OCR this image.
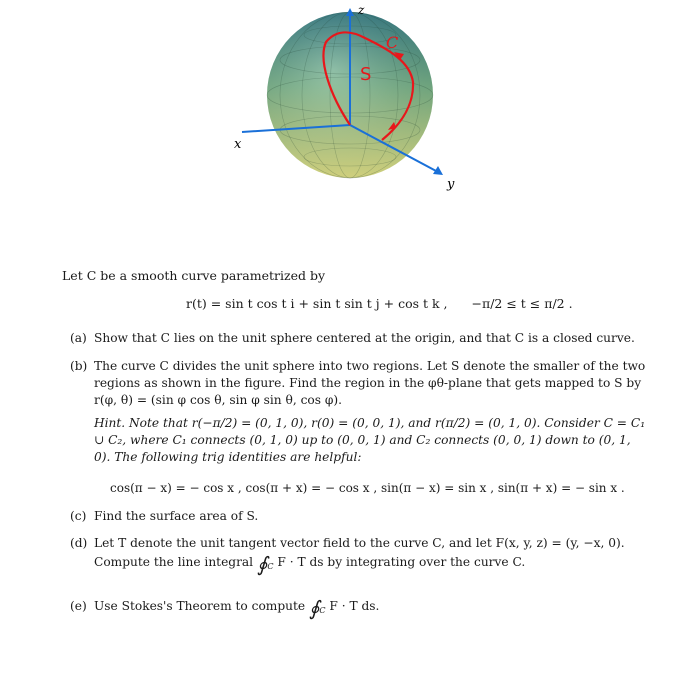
z
y
x
C
S
Let C be a smooth curve parametrized by
r(t) = sin t cos t i + sin t sin t j + cos t k , −π/2 ≤ t ≤ π/2 .
(a) Show that C lies on the unit sphere centered at the origin, and that C is a closed curve.
(b) The curve C divides the unit sphere into two regions. Let S denote the smaller of the two regions as shown in the figure. Find the region in the φθ-plane that gets mapped to S by r(φ, θ) = (sin φ cos θ, sin φ sin θ, cos φ).
Hint. Note that r(−π/2) = (0, 1, 0), r(0) = (0, 0, 1), and r(π/2) = (0, 1, 0). Consider C = C₁ ∪ C₂, where C₁ connects (0, 1, 0) up to (0, 0, 1) and C₂ connects (0, 0, 1) down to (0, 1, 0). The following trig identities are helpful:
cos(π − x) = − cos x , cos(π + x) = − cos x , sin(π − x) = sin x , sin(π + x) = − sin x .
(c) Find the surface area of S.
(d) Let T denote the unit tangent vector field to the curve C, and let F(x, y, z) = (y, −x, 0).
Compute the line integral $∮_C$ F · T ds by integrating over the curve C.
(e) Use Stokes's Theorem to compute $∮_C$ F · T ds.
